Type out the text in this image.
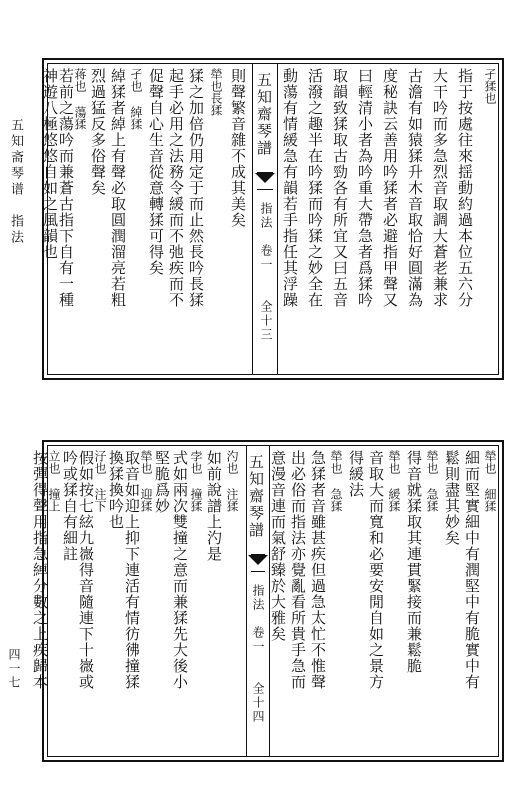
五知斋琴谱　指法
四一七
孑猱也
指于按處往來揺動約過本位五六分
大干吟而多急烈音取調大蒼老兼求
古澹有如猿猱升木音取恰好圓滿為
度秘訣云善用吟猱者必避指甲聲又
曰輕清小者為吟重大帶急者爲猱吟
取韻致猱取古勁各有所宜又曰五音
活潑之趣半在吟猱而吟猱之妙全在
動蕩有情緩急有韻若手指任其浮躁
五知齋琴譜
指法　卷一　　全十三
則聲繁音雜不成其美矣
犖也長猱
猱之加倍仍用定于而止然長吟長猱
起手必用之法務令緩而不弛疾而不
促聲自心生音從意轉猱可得矣
孑也 綽猱
綽猱者綽上有聲必取圓潤溜亮若粗
烈過猛反多俗聲矣
蒋也 蕩猱
若前之蕩吟而兼蒼古指下自有一種
神遊八極悠悠自如之風韻也
犖也 細猱
細而堅實細中有潤堅中有脆實中有
鬆則盡其妙矣
犖也 急猱
得音就猱取其連貫緊接而兼鬆脆
犖也 緩猱
音取大而寬和必要安閒自如之景方
得緩法
犖也 急猱
急猱者音雖甚疾但過急太忙不惟聲
出必俗而指法亦覺亂看所貴手急而
意漫音連而氣舒臻於大雅矣
五知齋琴譜
指法　卷一　　全十四
汋也 注猱
如前說譜上汋是
孛也 撞猱
式如兩次雙撞之意而兼猱先大後小
堅脆爲妙
犖也 迎猱
取音如迎上抑下連活有情彷彿撞猱
換猱換吟也
汓也 注下
假如按七絃九嶶得音隨連下十嶶或
吟或猱自有細註
立也 撞上
按彈得聲用指急綽分數之上疾歸本
